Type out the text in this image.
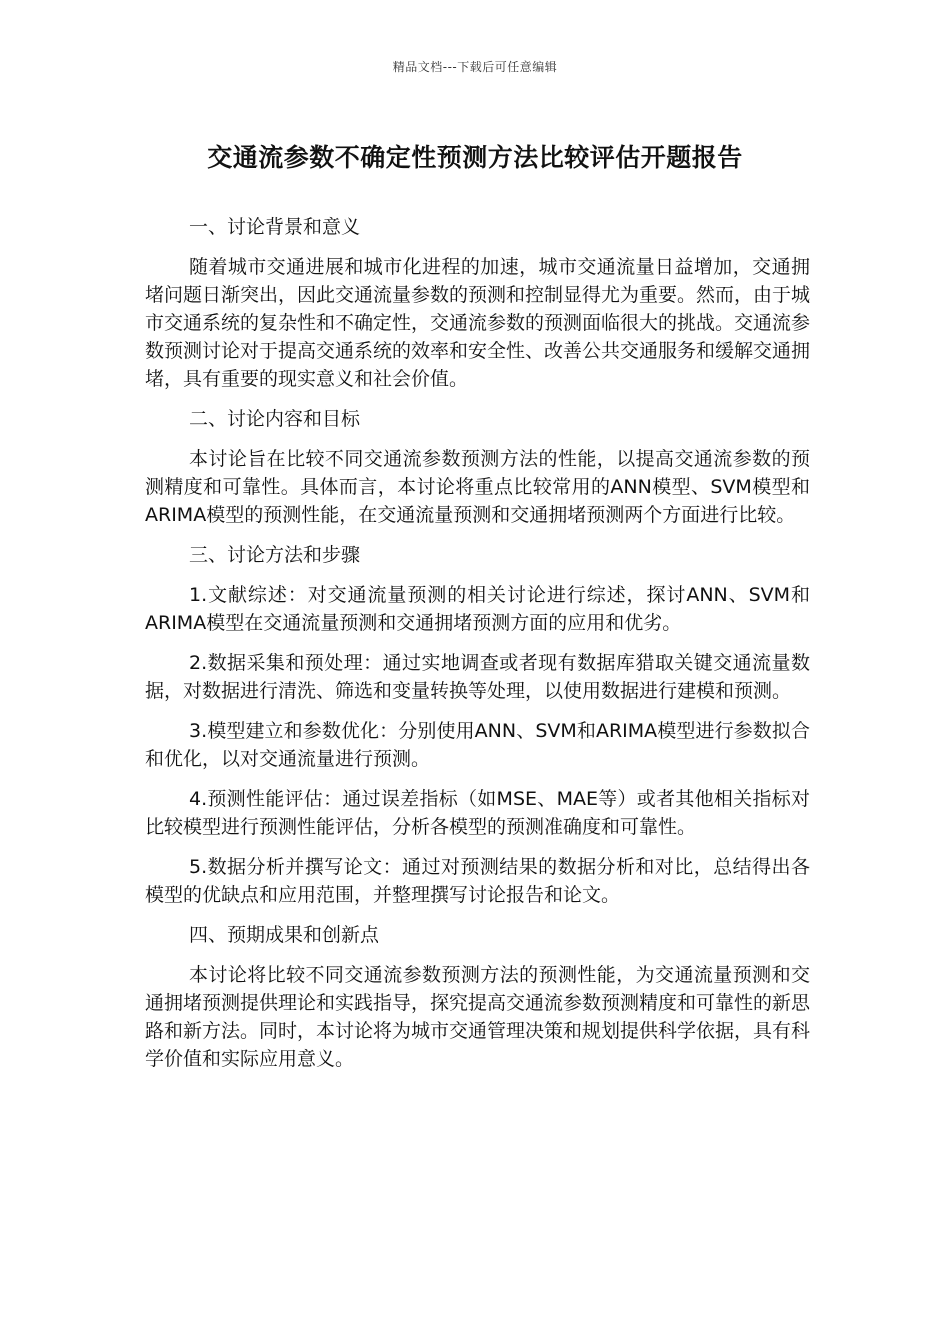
精品文档---下载后可任意编辑
交通流参数不确定性预测方法比较评估开题报告

一、讨论背景和意义

随着城市交通进展和城市化进程的加速，城市交通流量日益增加，交通拥堵问题日渐突出，因此交通流量参数的预测和控制显得尤为重要。然而，由于城市交通系统的复杂性和不确定性，交通流参数的预测面临很大的挑战。交通流参数预测讨论对于提高交通系统的效率和安全性、改善公共交通服务和缓解交通拥堵，具有重要的现实意义和社会价值。

二、讨论内容和目标

本讨论旨在比较不同交通流参数预测方法的性能，以提高交通流参数的预测精度和可靠性。具体而言，本讨论将重点比较常用的ANN模型、SVM模型和ARIMA模型的预测性能，在交通流量预测和交通拥堵预测两个方面进行比较。

三、讨论方法和步骤

1.文献综述：对交通流量预测的相关讨论进行综述，探讨ANN、SVM和ARIMA模型在交通流量预测和交通拥堵预测方面的应用和优劣。

2.数据采集和预处理：通过实地调查或者现有数据库猎取关键交通流量数据，对数据进行清洗、筛选和变量转换等处理，以使用数据进行建模和预测。

3.模型建立和参数优化：分别使用ANN、SVM和ARIMA模型进行参数拟合和优化，以对交通流量进行预测。

4.预测性能评估：通过误差指标（如MSE、MAE等）或者其他相关指标对比较模型进行预测性能评估，分析各模型的预测准确度和可靠性。

5.数据分析并撰写论文：通过对预测结果的数据分析和对比，总结得出各模型的优缺点和应用范围，并整理撰写讨论报告和论文。

四、预期成果和创新点

本讨论将比较不同交通流参数预测方法的预测性能，为交通流量预测和交通拥堵预测提供理论和实践指导，探究提高交通流参数预测精度和可靠性的新思路和新方法。同时，本讨论将为城市交通管理决策和规划提供科学依据，具有科学价值和实际应用意义。
